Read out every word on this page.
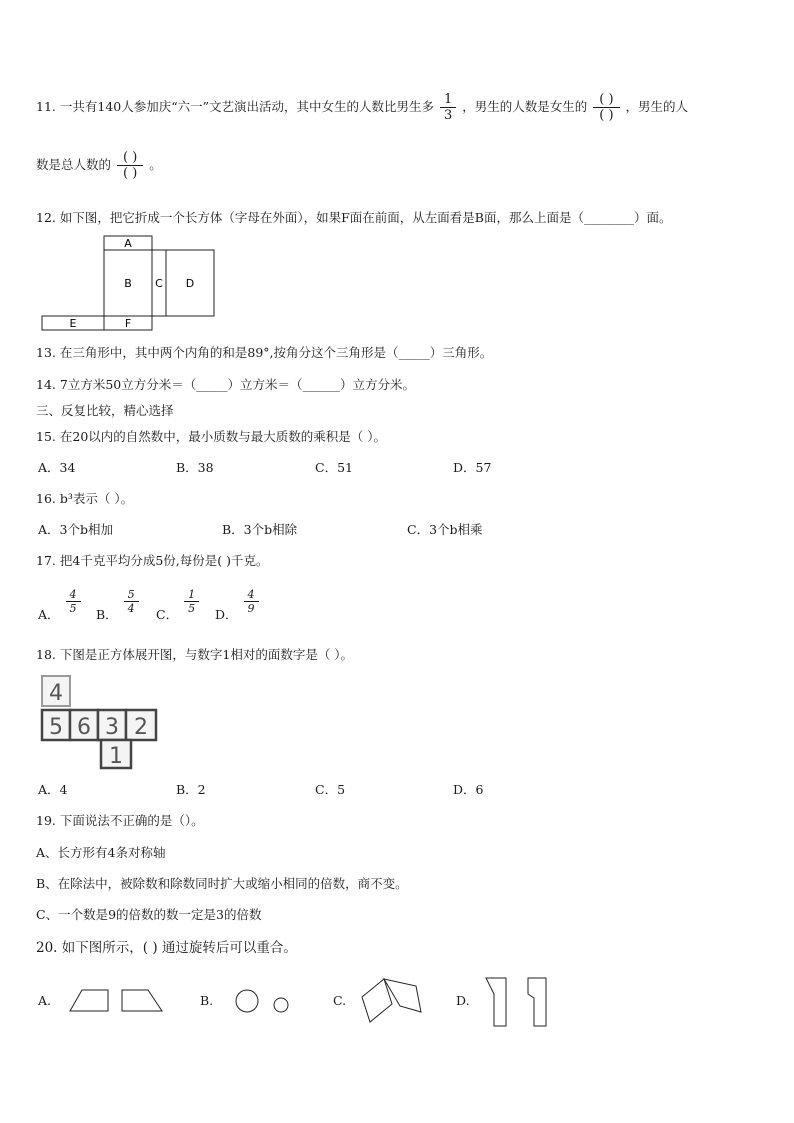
11. 一共有140人参加庆“六一”文艺演出活动，其中女生的人数比男生多 $\frac{1}{3}$ ，男生的人数是女生的 $\frac{( )}{( )}$ ，男生的人
数是总人数的 $\frac{( )}{( )}$ 。
12. 如下图，把它折成一个长方体（字母在外面），如果F面在前面，从左面看是B面，那么上面是（________）面。
A
B C D
E	F
13. 在三角形中，其中两个内角的和是89°,按角分这个三角形是（_____）三角形。
14. 7立方米50立方分米＝（_____）立方米＝（______）立方分米。
三、反复比较，精心选择
15. 在20以内的自然数中，最小质数与最大质数的乘积是（ ）。
A．34	B．38	C．51	D．57
16. b³表示（ ）。
A．3个b相加	B．3个b相除	C．3个b相乘
17. 把4千克平均分成5份,每份是( )千克。
A． $\frac{4}{5}$ B． $\frac{5}{4}$ C． $\frac{1}{5}$ D． $\frac{4}{9}$
18. 下图是正方体展开图，与数字1相对的面数字是（ ）。
4
5 6 3 2
1
A．4	B．2	C．5	D．6
19. 下面说法不正确的是（）。
A、长方形有4条对称轴
B、在除法中，被除数和除数同时扩大或缩小相同的倍数，商不变。
C、一个数是9的倍数的数一定是3的倍数
20. 如下图所示，( ) 通过旋转后可以重合。
A.	B.	C.	D.
